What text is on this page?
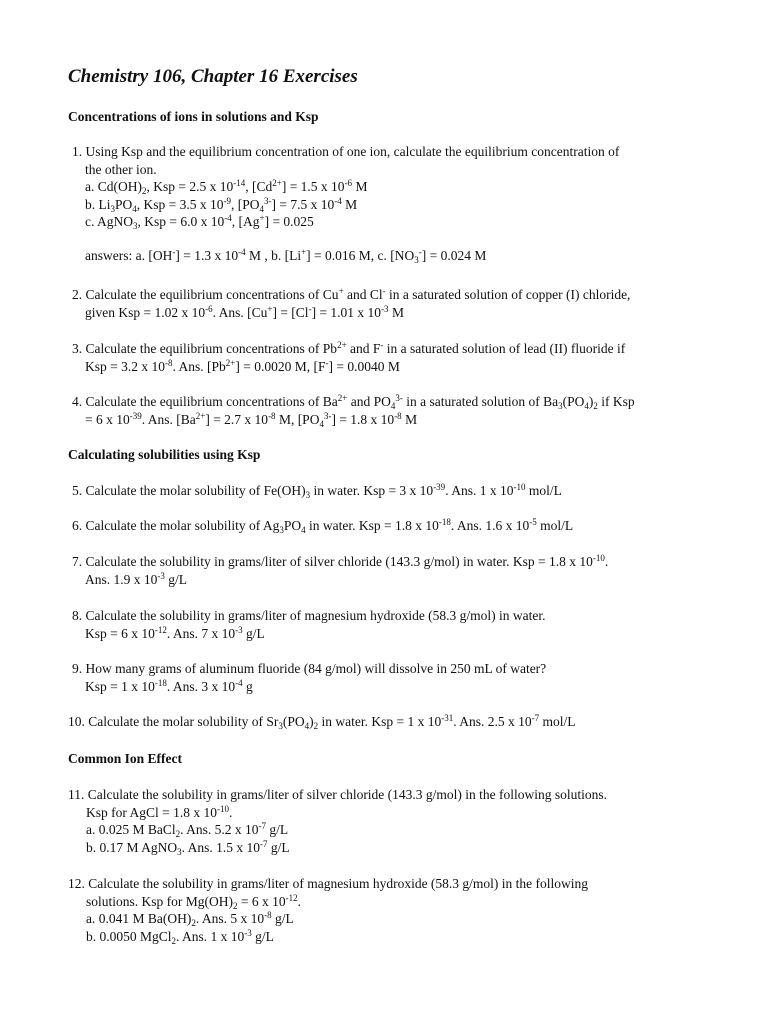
Chemistry 106, Chapter 16 Exercises
Concentrations of ions in solutions and Ksp
1. Using Ksp and the equilibrium concentration of one ion, calculate the equilibrium concentration of
the other ion.
a. $Cd(OH)_2$, Ksp = 2.5 x $10^{-14}$, $[Cd^{2+}] = 1.5$ x $10^{-6}$ M
b. $Li_3PO_4$, Ksp = 3.5 x $10^{-9}$, $[PO_4^{3-}] = 7.5$ x $10^{-4}$ M
c. AgNO$_3$, Ksp = 6.0 x $10^{-4}$, [Ag+] = 0.025
answers: a. [OH-] = 1.3 x $10^{-4}$ M , b. [Li+] = 0.016 M, c. $[NO_3^-] = 0.024$ M
2. Calculate the equilibrium concentrations of Cu+ and Cl- in a saturated solution of copper (I) chloride,
given Ksp = 1.02 x $10^{-6}$. Ans. [Cu+] = [Cl-] = 1.01 x $10^{-3}$ M
3. Calculate the equilibrium concentrations of $Pb^{2+}$ and F- in a saturated solution of lead (II) fluoride if
Ksp = 3.2 x $10^{-8}$. Ans. $[Pb^{2+}] = 0.0020$ M, [F-] = 0.0040 M
4. Calculate the equilibrium concentrations of $Ba^{2+}$ and $PO_4^{3-}$ in a saturated solution of $Ba_3(PO_4)_2$ if Ksp
= 6 x $10^{-39}$. Ans. $[Ba^{2+}] = 2.7$ x $10^{-8}$ M, $[PO_4^{3-}] = 1.8$ x $10^{-8}$ M
Calculating solubilities using Ksp
5. Calculate the molar solubility of $Fe(OH)_3$ in water. Ksp = 3 x $10^{-39}$. Ans. 1 x $10^{-10}$ mol/L
6. Calculate the molar solubility of $Ag_3PO_4$ in water. Ksp = 1.8 x $10^{-18}$. Ans. 1.6 x $10^{-5}$ mol/L
7. Calculate the solubility in grams/liter of silver chloride (143.3 g/mol) in water. Ksp = 1.8 x $10^{-10}$.
Ans. 1.9 x $10^{-3}$ g/L
8. Calculate the solubility in grams/liter of magnesium hydroxide (58.3 g/mol) in water.
Ksp = 6 x $10^{-12}$. Ans. 7 x $10^{-3}$ g/L
9. How many grams of aluminum fluoride (84 g/mol) will dissolve in 250 mL of water?
Ksp = 1 x $10^{-18}$. Ans. 3 x $10^{-4}$ g
10. Calculate the molar solubility of $Sr_3(PO_4)_2$ in water. Ksp = 1 x $10^{-31}$. Ans. 2.5 x $10^{-7}$ mol/L
Common Ion Effect
11. Calculate the solubility in grams/liter of silver chloride (143.3 g/mol) in the following solutions.
Ksp for AgCl = 1.8 x $10^{-10}$.
a. 0.025 M BaCl$_2$. Ans. 5.2 x $10^{-7}$ g/L
b. 0.17 M AgNO$_3$. Ans. 1.5 x $10^{-7}$ g/L
12. Calculate the solubility in grams/liter of magnesium hydroxide (58.3 g/mol) in the following
solutions. Ksp for $Mg(OH)_2 = 6$ x $10^{-12}$.
a. 0.041 M $Ba(OH)_2$. Ans. 5 x $10^{-8}$ g/L
b. 0.0050 MgCl$_2$. Ans. 1 x $10^{-3}$ g/L
